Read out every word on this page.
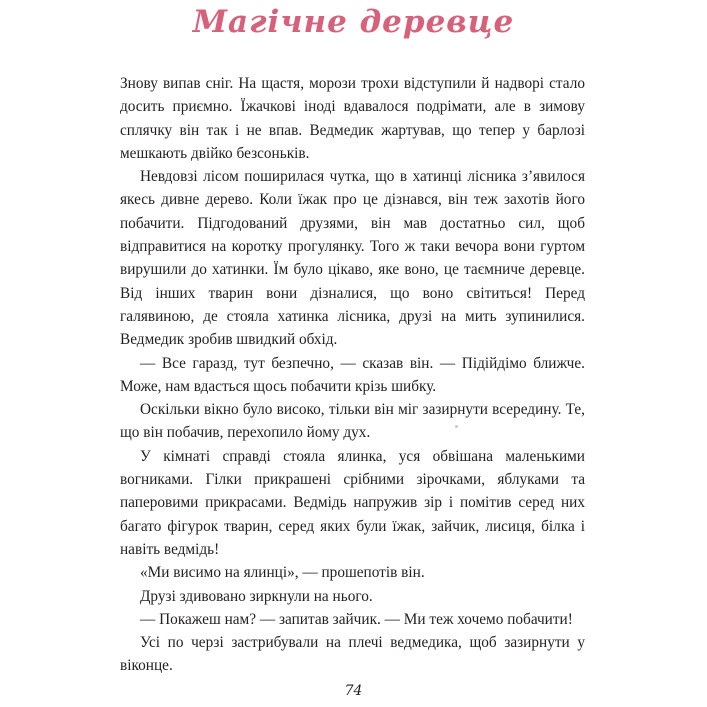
Магічне деревце

Знову випав сніг. На щастя, морози трохи відступили й надворі стало досить приємно. Їжачкові іноді вдавалося подрімати, але в зимову сплячку він так і не впав. Ведмедик жартував, що тепер у барлозі мешкають двійко безсоньків.

Невдовзі лісом поширилася чутка, що в хатинці лісника з’явилося якесь дивне дерево. Коли їжак про це дізнався, він теж захотів його побачити. Підгодований друзями, він мав достатньо сил, щоб відправитися на коротку прогулянку. Того ж таки вечора вони гуртом вирушили до хатинки. Їм було цікаво, яке воно, це таємниче деревце. Від інших тварин вони дізналися, що воно світиться! Перед галявиною, де стояла хатинка лісника, друзі на мить зупинилися. Ведмедик зробив швидкий обхід.

— Все гаразд, тут безпечно, — сказав він. — Підійдімо ближче. Може, нам вдасться щось побачити крізь шибку.

Оскільки вікно було високо, тільки він міг зазирнути всередину. Те, що він побачив, перехопило йому дух.

У кімнаті справді стояла ялинка, уся обвішана маленькими вогниками. Гілки прикрашені срібними зірочками, яблуками та паперовими прикрасами. Ведмідь напружив зір і помітив серед них багато фігурок тварин, серед яких були їжак, зайчик, лисиця, білка і навіть ведмідь!

«Ми висимо на ялинці», — прошепотів він.

Друзі здивовано зиркнули на нього.

— Покажеш нам? — запитав зайчик. — Ми теж хочемо побачити!

Усі по черзі застрибували на плечі ведмедика, щоб зазирнути у віконце.

74
